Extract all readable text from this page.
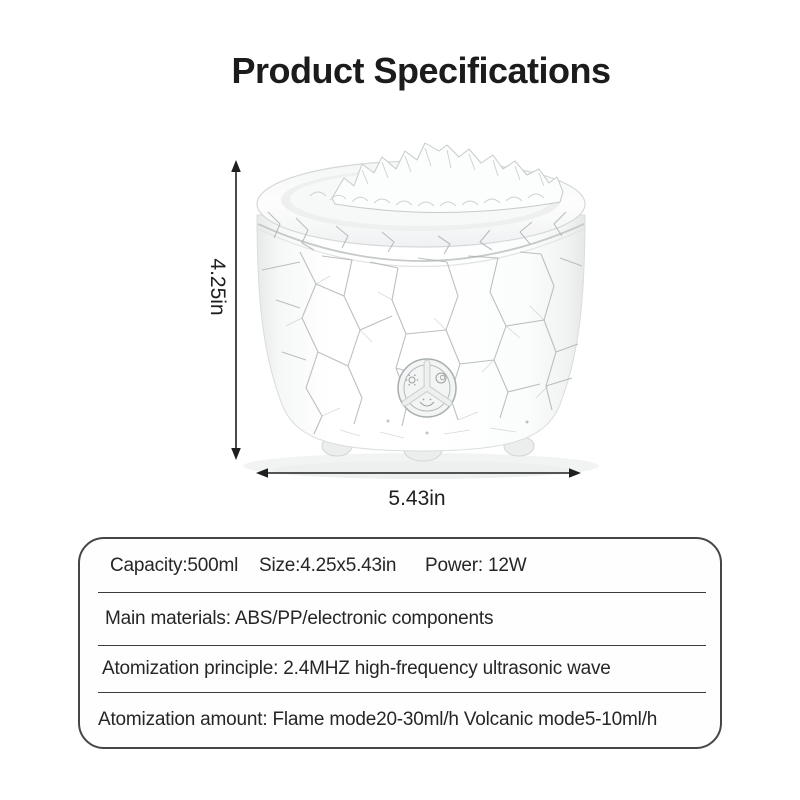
Product Specifications
4.25in
5.43in
Capacity:500ml	Size:4.25x5.43in	Power: 12W
Main materials: ABS/PP/electronic components
Atomization principle: 2.4MHZ high-frequency ultrasonic wave
Atomization amount: Flame mode20-30ml/h Volcanic mode5-10ml/h
